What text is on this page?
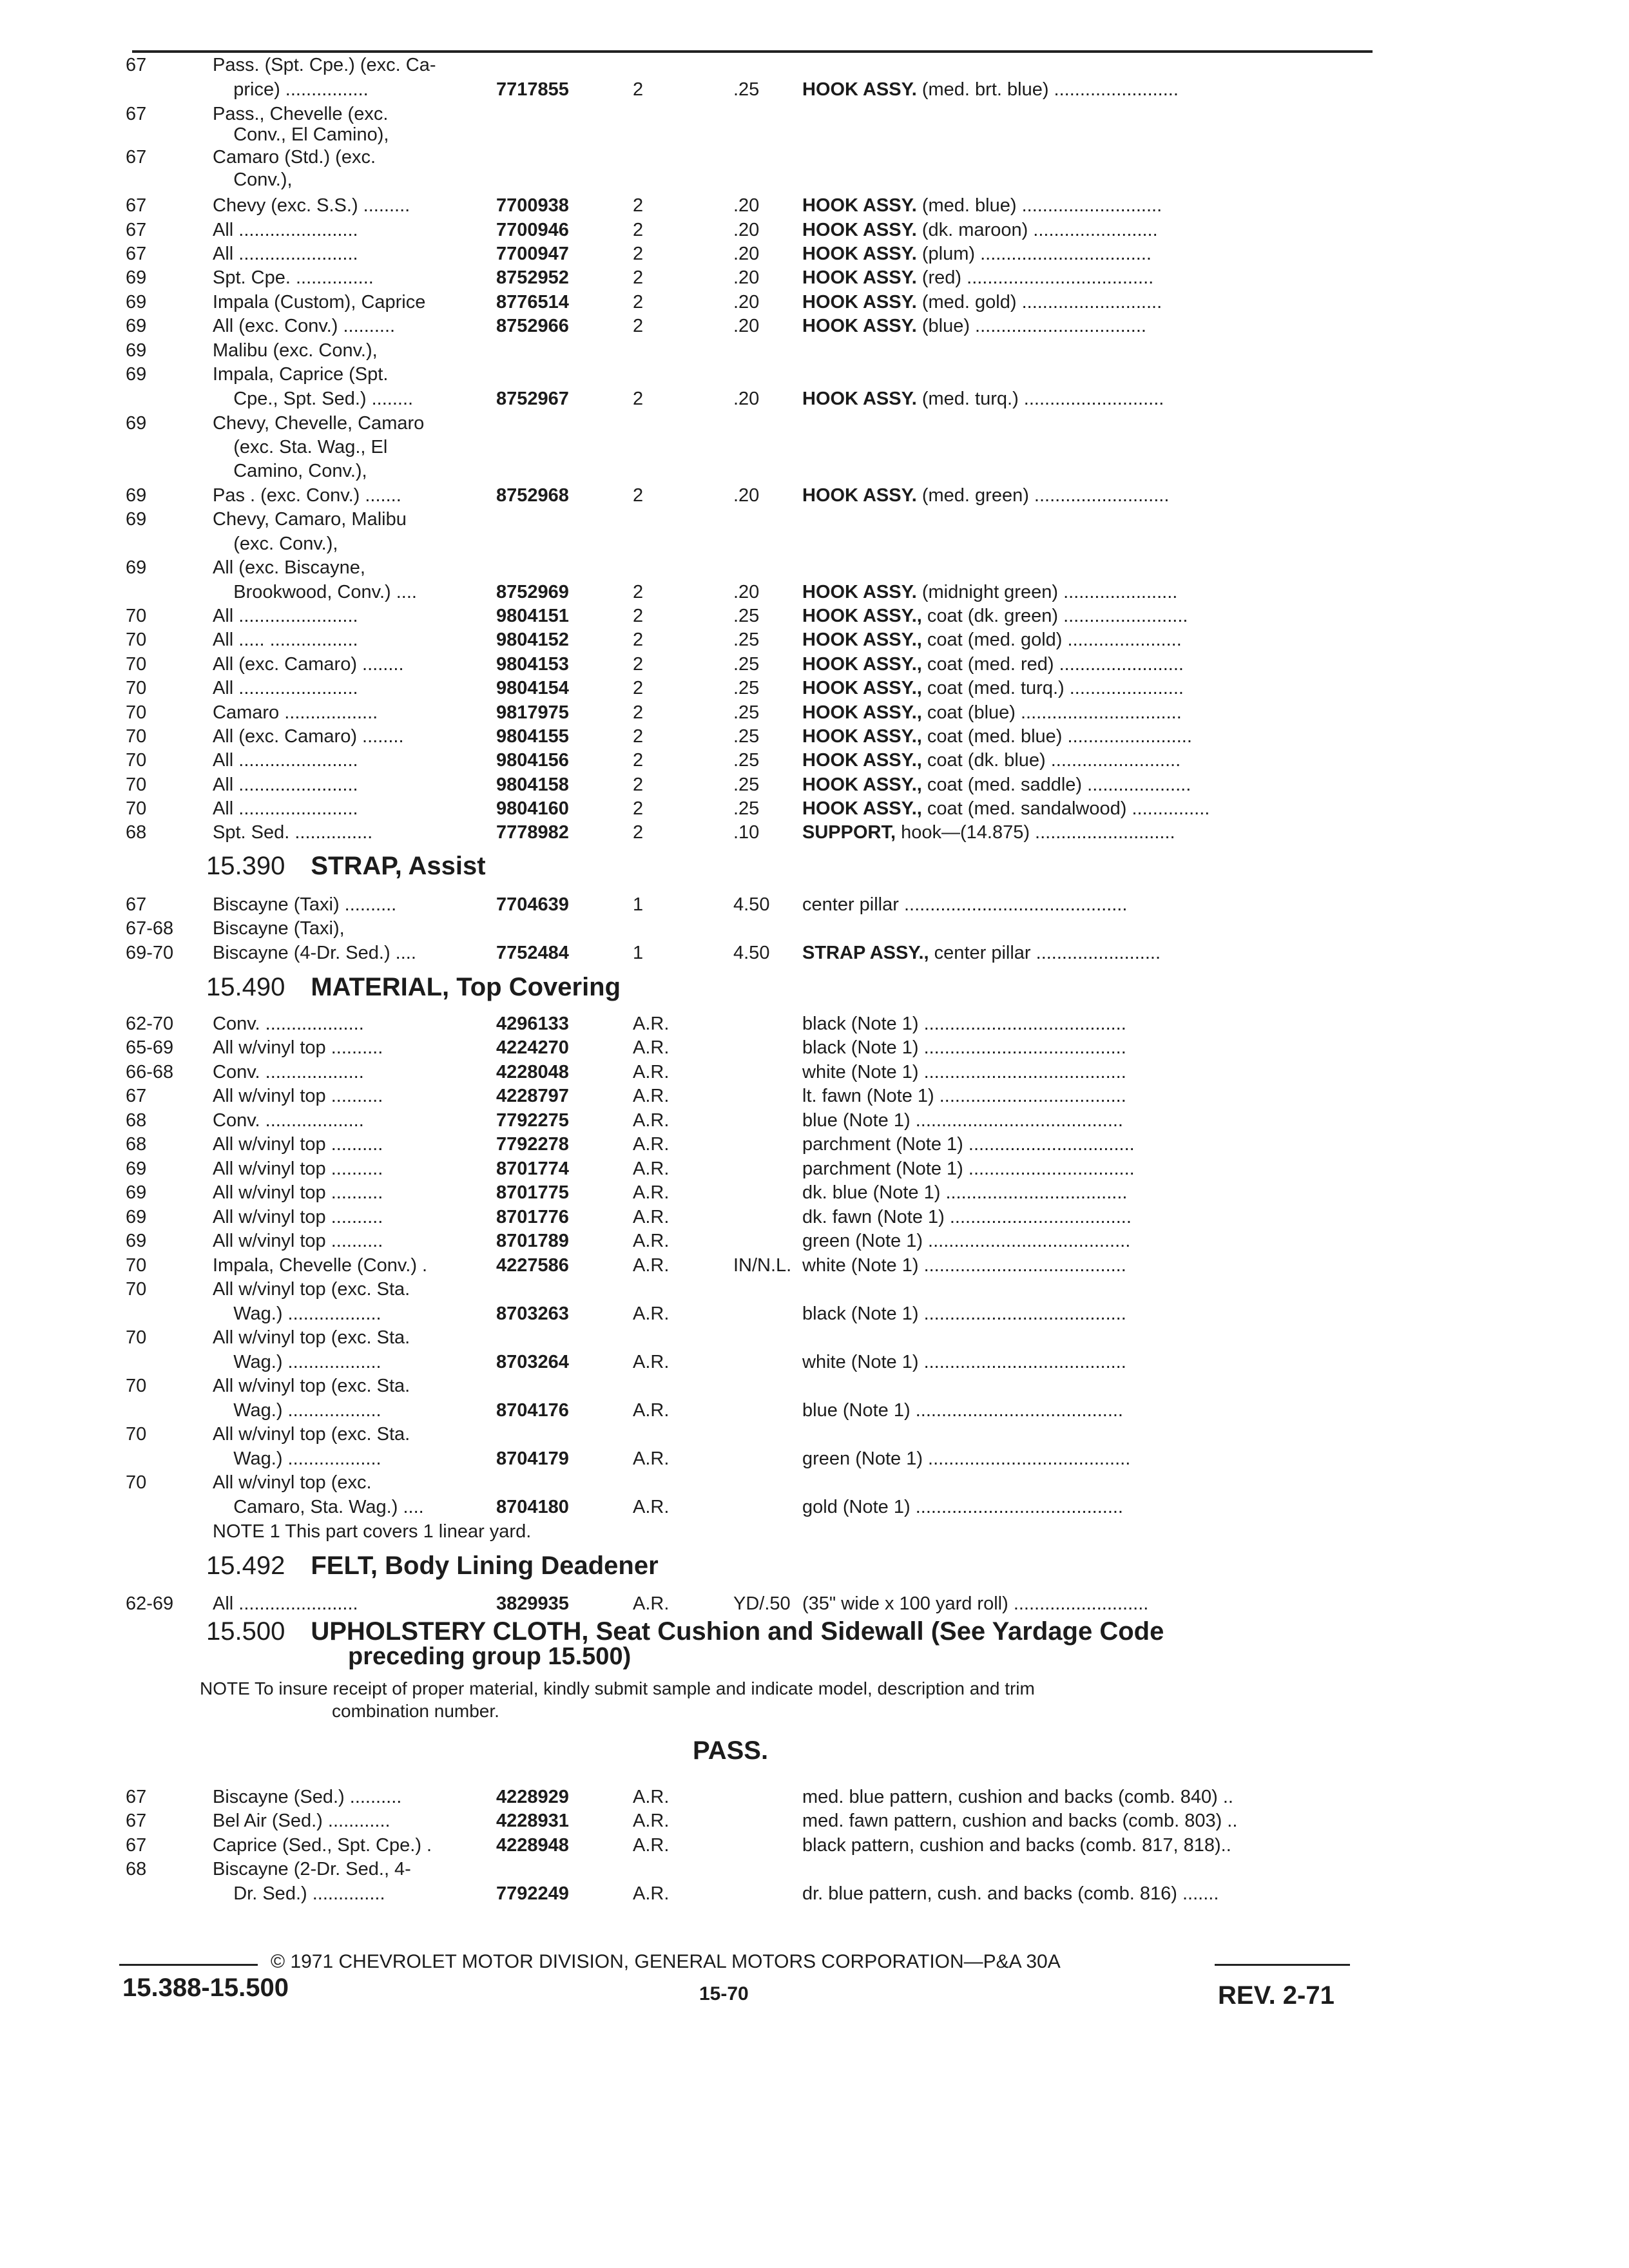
67	Pass. (Spt. Cpe.) (exc. Ca-
price) ................	7717855	2	.25 HOOK ASSY. (med. brt. blue) ........................
67	Pass., Chevelle (exc.
Conv., El Camino),
67	Camaro (Std.) (exc.
Conv.),
67	Chevy (exc. S.S.) .........	7700938	2	.20 HOOK ASSY. (med. blue) ...........................
67	All .......................	7700946	2	.20 HOOK ASSY. (dk. maroon) ........................
67	All .......................	7700947	2	.20 HOOK ASSY. (plum) .................................
69	Spt. Cpe. ...............	8752952	2	.20 HOOK ASSY. (red) ....................................
69	Impala (Custom), Caprice	8776514	2	.20 HOOK ASSY. (med. gold) ...........................
69	All (exc. Conv.) ..........	8752966	2	.20 HOOK ASSY. (blue) .................................
69	Malibu (exc. Conv.),
69	Impala, Caprice (Spt.
Cpe., Spt. Sed.) ........	8752967	2	.20 HOOK ASSY. (med. turq.) ...........................
69	Chevy, Chevelle, Camaro
(exc. Sta. Wag., El
Camino, Conv.),
69	Pas . (exc. Conv.) .......	8752968	2	.20 HOOK ASSY. (med. green) ..........................
69	Chevy, Camaro, Malibu
(exc. Conv.),
69	All (exc. Biscayne,
Brookwood, Conv.) ....	8752969	2	.20 HOOK ASSY. (midnight green) ......................
70	All .......................	9804151	2	.25 HOOK ASSY., coat (dk. green) ........................
70	All ..... .................	9804152	2	.25 HOOK ASSY., coat (med. gold) ......................
70	All (exc. Camaro) ........	9804153	2	.25 HOOK ASSY., coat (med. red) ........................
70	All .......................	9804154	2	.25 HOOK ASSY., coat (med. turq.) ......................
70	Camaro ..................	9817975	2	.25 HOOK ASSY., coat (blue) ...............................
70	All (exc. Camaro) ........	9804155	2	.25 HOOK ASSY., coat (med. blue) ........................
70	All .......................	9804156	2	.25 HOOK ASSY., coat (dk. blue) .........................
70	All .......................	9804158	2	.25 HOOK ASSY., coat (med. saddle) ....................
70	All .......................	9804160	2	.25 HOOK ASSY., coat (med. sandalwood) ...............
68	Spt. Sed. ...............	7778982	2	.10 SUPPORT, hook—(14.875) ...........................
67	Biscayne (Taxi) ..........	7704639	1	4.50 center pillar ...........................................
67-68 Biscayne (Taxi),
69-70 Biscayne (4-Dr. Sed.) ....	7752484	1	4.50 STRAP ASSY., center pillar ........................
62-70 Conv. ...................	4296133	A.R.	black (Note 1) .......................................
65-69 All w/vinyl top ..........	4224270	A.R.	black (Note 1) .......................................
66-68 Conv. ...................	4228048	A.R.	white (Note 1) .......................................
67	All w/vinyl top ..........	4228797	A.R.	lt. fawn (Note 1) ....................................
68	Conv. ...................	7792275	A.R.	blue (Note 1) ........................................
68	All w/vinyl top ..........	7792278	A.R.	parchment (Note 1) ................................
69	All w/vinyl top ..........	8701774	A.R.	parchment (Note 1) ................................
69	All w/vinyl top ..........	8701775	A.R.	dk. blue (Note 1) ...................................
69	All w/vinyl top ..........	8701776	A.R.	dk. fawn (Note 1) ...................................
69	All w/vinyl top ..........	8701789	A.R.	green (Note 1) .......................................
70	Impala, Chevelle (Conv.) .	4227586	A.R.	IN/N.L. white (Note 1) .......................................
70	All w/vinyl top (exc. Sta.
Wag.) ..................	8703263	A.R.	black (Note 1) .......................................
70	All w/vinyl top (exc. Sta.
Wag.) ..................	8703264	A.R.	white (Note 1) .......................................
70	All w/vinyl top (exc. Sta.
Wag.) ..................	8704176	A.R.	blue (Note 1) ........................................
70	All w/vinyl top (exc. Sta.
Wag.) ..................	8704179	A.R.	green (Note 1) .......................................
70	All w/vinyl top (exc.
Camaro, Sta. Wag.) ....	8704180	A.R.	gold (Note 1) ........................................
NOTE 1 This part covers 1 linear yard.
62-69 All .......................	3829935	A.R.	YD/.50 (35" wide x 100 yard roll) ..........................
67	Biscayne (Sed.) ..........	4228929	A.R.	med. blue pattern, cushion and backs (comb. 840) ..
67	Bel Air (Sed.) ............	4228931	A.R.	med. fawn pattern, cushion and backs (comb. 803) ..
67	Caprice (Sed., Spt. Cpe.) .	4228948	A.R.	black pattern, cushion and backs (comb. 817, 818)..
68	Biscayne (2-Dr. Sed., 4-
Dr. Sed.) ..............	7792249	A.R.	dr. blue pattern, cush. and backs (comb. 816) .......
15.390 STRAP, Assist
15.490 MATERIAL, Top Covering
15.492 FELT, Body Lining Deadener
15.500 UPHOLSTERY CLOTH, Seat Cushion and Sidewall (See Yardage Code
preceding group 15.500)
NOTE To insure receipt of proper material, kindly submit sample and indicate model, description and trim
combination number.
PASS.
© 1971 CHEVROLET MOTOR DIVISION, GENERAL MOTORS CORPORATION—P&A 30A
15.388-15.500	15-70	REV. 2-71
